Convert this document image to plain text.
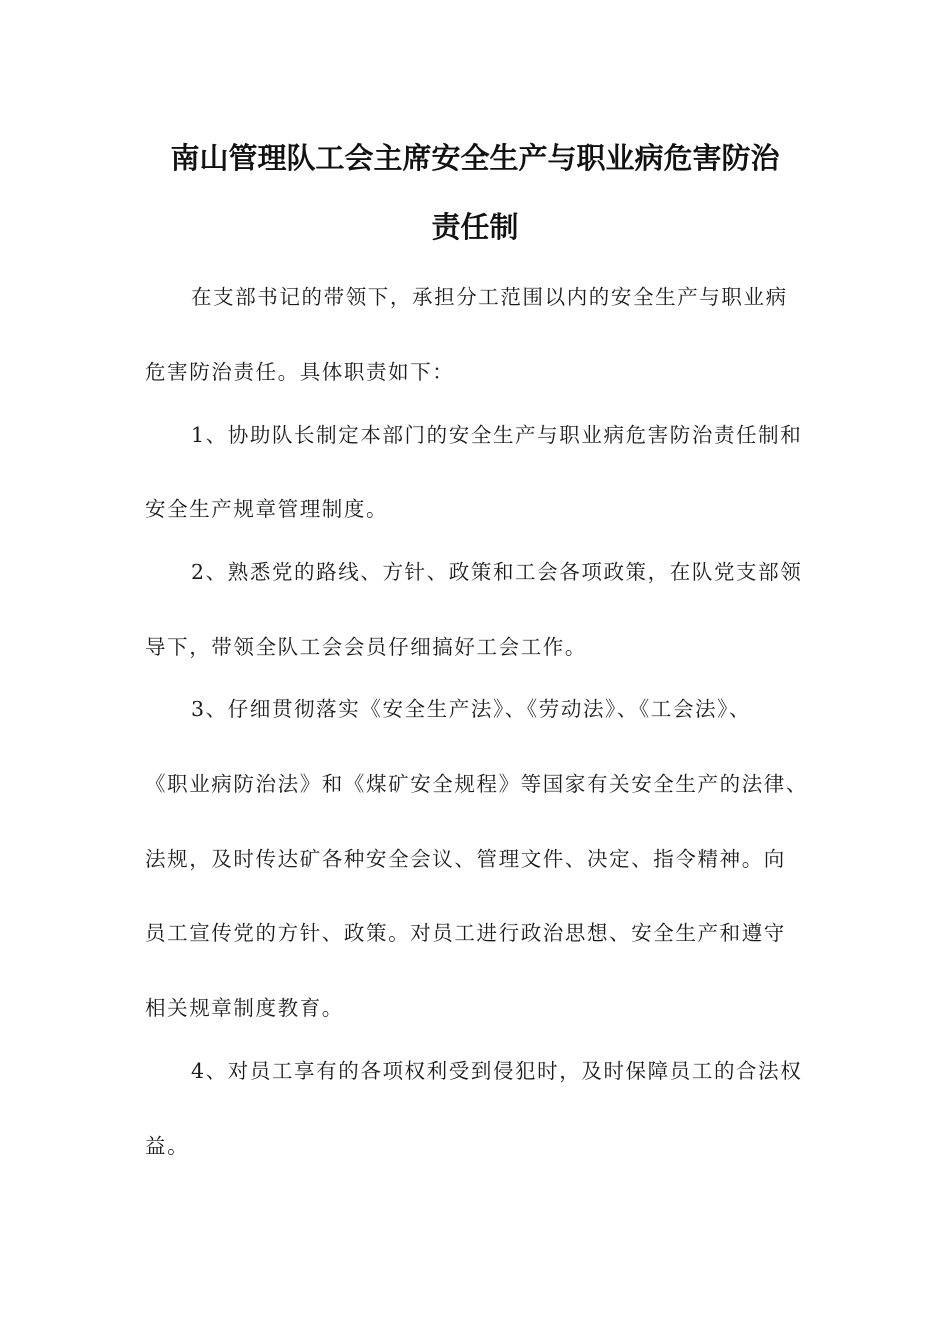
南山管理队工会主席安全生产与职业病危害防治
责任制

在支部书记的带领下，承担分工范围以内的安全生产与职业病

危害防治责任。具体职责如下：

1、协助队长制定本部门的安全生产与职业病危害防治责任制和

安全生产规章管理制度。

2、熟悉党的路线、方针、政策和工会各项政策，在队党支部领

导下，带领全队工会会员仔细搞好工会工作。

3、仔细贯彻落实《安全生产法》、《劳动法》、《工会法》、

《职业病防治法》和《煤矿安全规程》等国家有关安全生产的法律、

法规，及时传达矿各种安全会议、管理文件、决定、指令精神。向

员工宣传党的方针、政策。对员工进行政治思想、安全生产和遵守

相关规章制度教育。

4、对员工享有的各项权利受到侵犯时，及时保障员工的合法权

益。
